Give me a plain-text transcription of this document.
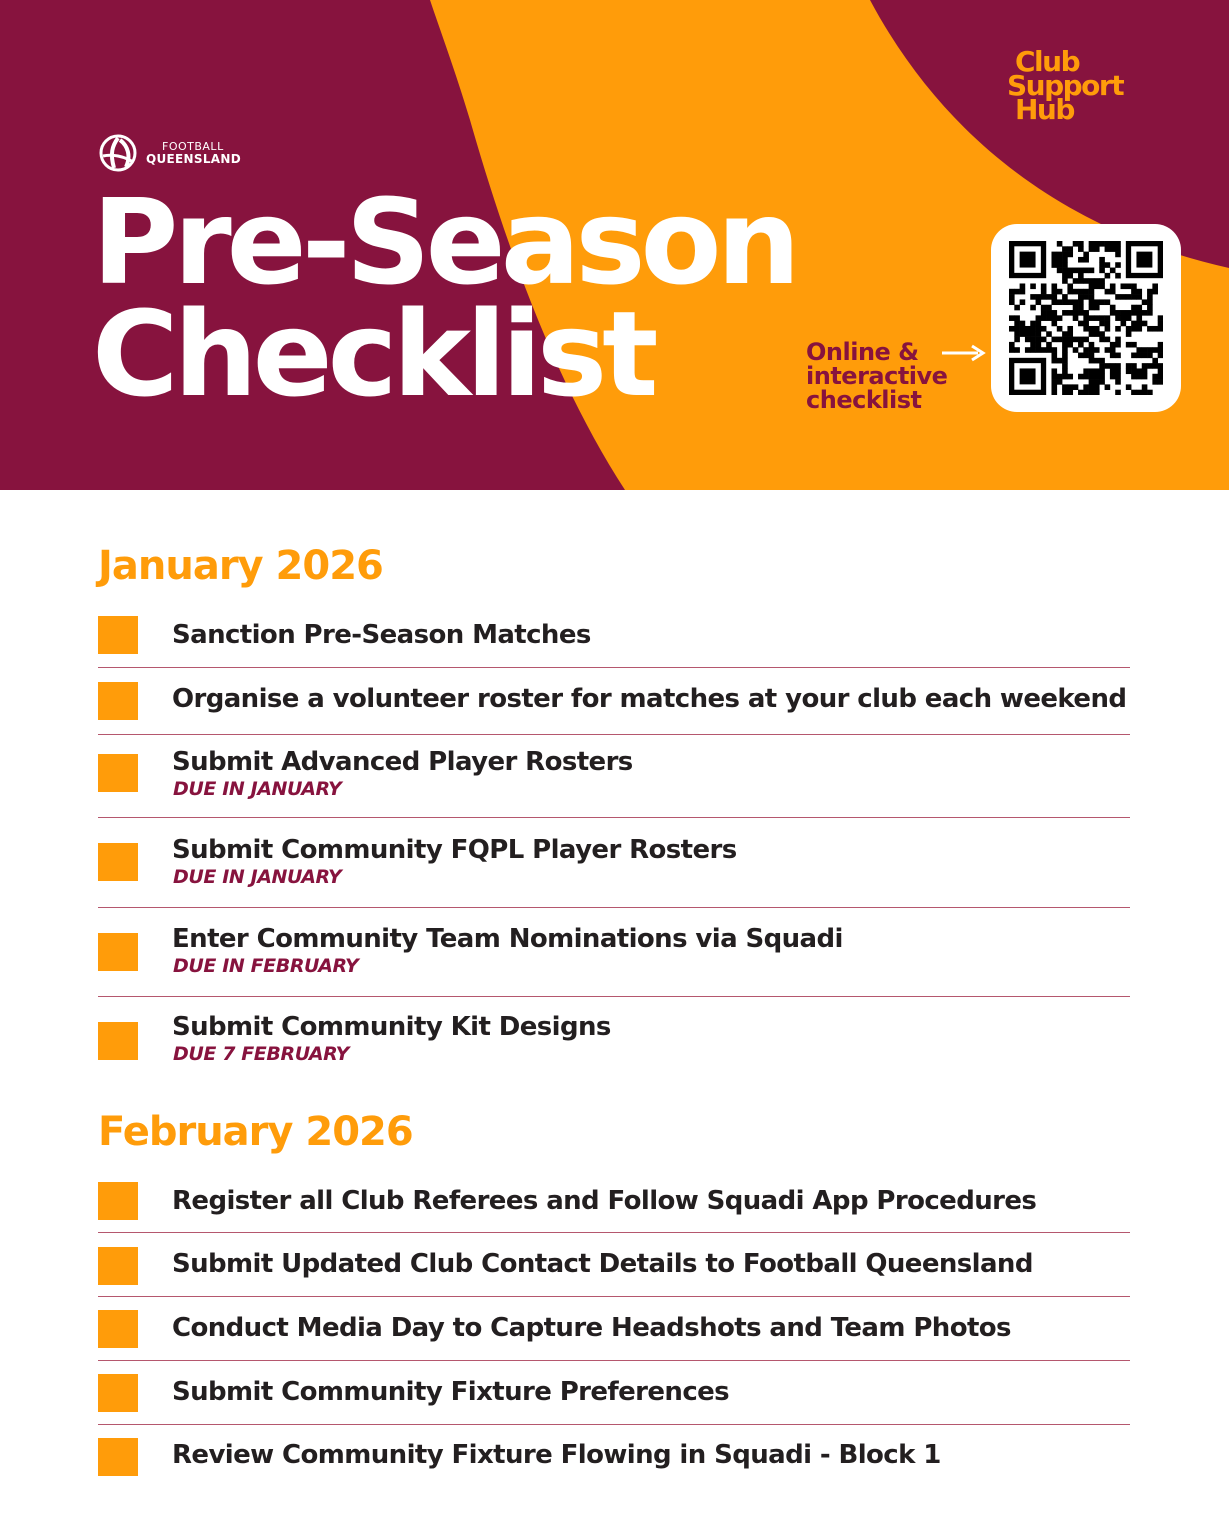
FOOTBALL
QUEENSLAND
Club
Support
Hub
Pre-Season
Checklist	Online &
interactive
checklist
January 2026
Sanction Pre-Season Matches
Organise a volunteer roster for matches at your club each weekend
Submit Advanced Player Rosters
DUE IN JANUARY
Submit Community FQPL Player Rosters
DUE IN JANUARY
Enter Community Team Nominations via Squadi
DUE IN FEBRUARY
Submit Community Kit Designs
DUE 7 FEBRUARY
February 2026
Register all Club Referees and Follow Squadi App Procedures
Submit Updated Club Contact Details to Football Queensland
Conduct Media Day to Capture Headshots and Team Photos
Submit Community Fixture Preferences
Review Community Fixture Flowing in Squadi - Block 1
